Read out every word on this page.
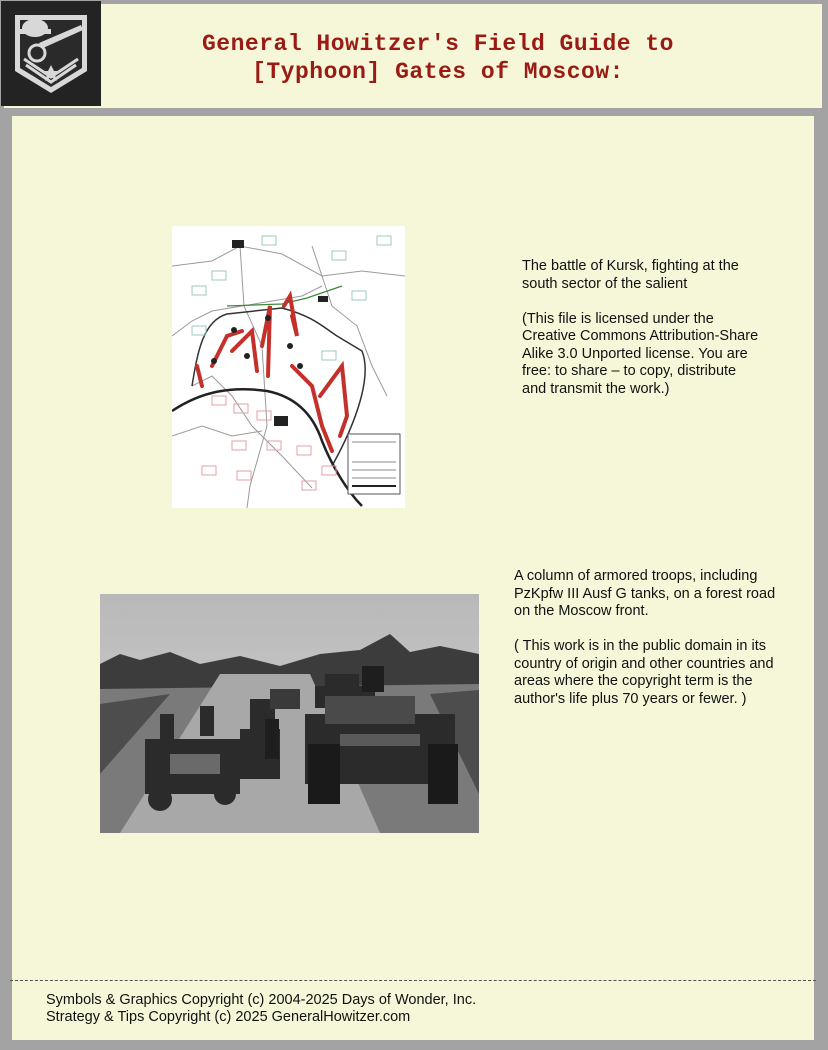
General Howitzer's Field Guide to
[Typhoon] Gates of Moscow:

The battle of Kursk, fighting at the south sector of the salient

(This file is licensed under the Creative Commons Attribution-Share Alike 3.0 Unported license. You are free: to share – to copy, distribute and transmit the work.)

A column of armored troops, including PzKpfw III Ausf G tanks, on a forest road on the Moscow front.

( This work is in the public domain in its country of origin and other countries and areas where the copyright term is the author's life plus 70 years or fewer. )

Symbols & Graphics Copyright (c) 2004-2025 Days of Wonder, Inc.
Strategy & Tips Copyright (c) 2025 GeneralHowitzer.com
